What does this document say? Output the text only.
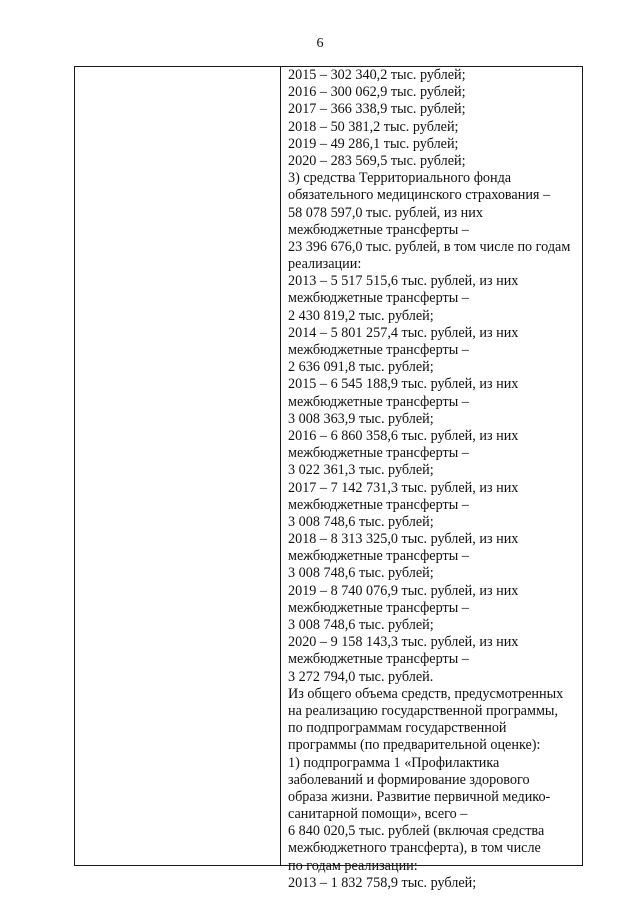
6
2015 – 302 340,2 тыс. рублей;
2016 – 300 062,9 тыс. рублей;
2017 – 366 338,9 тыс. рублей;
2018 – 50 381,2 тыс. рублей;
2019 – 49 286,1 тыс. рублей;
2020 – 283 569,5 тыс. рублей;
3) средства Территориального фонда
обязательного медицинского страхования –
58 078 597,0 тыс. рублей, из них
межбюджетные трансферты –
23 396 676,0 тыс. рублей, в том числе по годам
реализации:
2013 – 5 517 515,6 тыс. рублей, из них
межбюджетные трансферты –
2 430 819,2 тыс. рублей;
2014 – 5 801 257,4 тыс. рублей, из них
межбюджетные трансферты –
2 636 091,8 тыс. рублей;
2015 – 6 545 188,9 тыс. рублей, из них
межбюджетные трансферты –
3 008 363,9 тыс. рублей;
2016 – 6 860 358,6 тыс. рублей, из них
межбюджетные трансферты –
3 022 361,3 тыс. рублей;
2017 – 7 142 731,3 тыс. рублей, из них
межбюджетные трансферты –
3 008 748,6 тыс. рублей;
2018 – 8 313 325,0 тыс. рублей, из них
межбюджетные трансферты –
3 008 748,6 тыс. рублей;
2019 – 8 740 076,9 тыс. рублей, из них
межбюджетные трансферты –
3 008 748,6 тыс. рублей;
2020 – 9 158 143,3 тыс. рублей, из них
межбюджетные трансферты –
3 272 794,0 тыс. рублей.
Из общего объема средств, предусмотренных
на реализацию государственной программы,
по подпрограммам государственной
программы (по предварительной оценке):
1) подпрограмма 1 «Профилактика
заболеваний и формирование здорового
образа жизни. Развитие первичной медико-
санитарной помощи», всего –
6 840 020,5 тыс. рублей (включая средства
межбюджетного трансферта), в том числе
по годам реализации:
2013 – 1 832 758,9 тыс. рублей;
